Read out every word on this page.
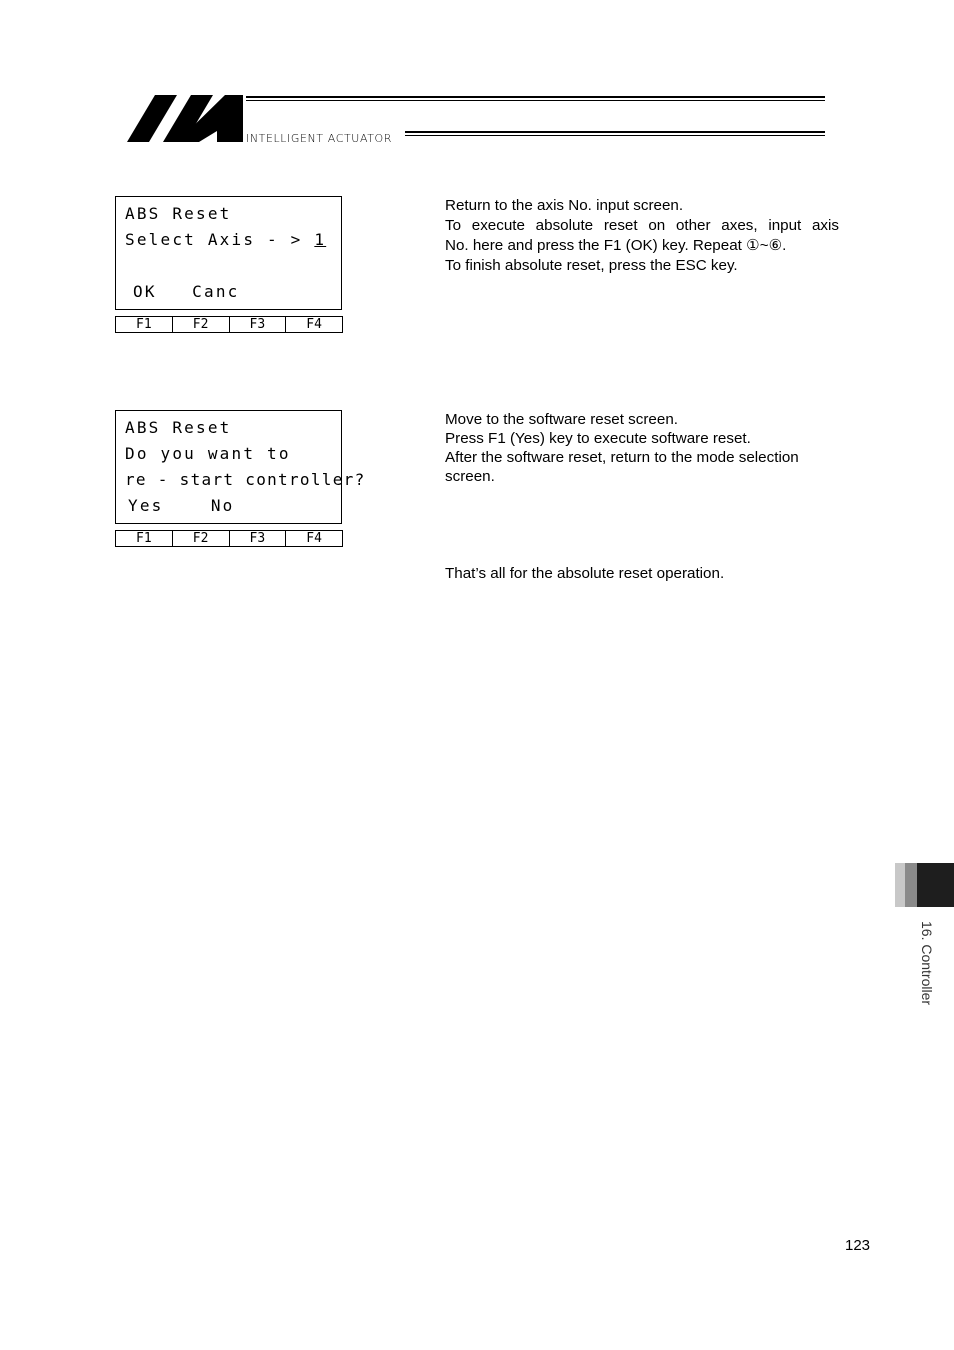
INTELLIGENT ACTUATOR
ABS Reset
Select Axis - > 1
OK   Canc
F1	F2	F3	F4
Return to the axis No. input screen.
To execute absolute reset on other axes, input axis
No. here and press the F1 (OK) key. Repeat ①~⑥.
To finish absolute reset, press the ESC key.
ABS Reset
Do you want to
re - start controller?
Yes    No
F1	F2	F3	F4
Move to the software reset screen.
Press F1 (Yes) key to execute software reset.
After the software reset, return to the mode selection
screen.
That’s all for the absolute reset operation.
16. Controller
123
